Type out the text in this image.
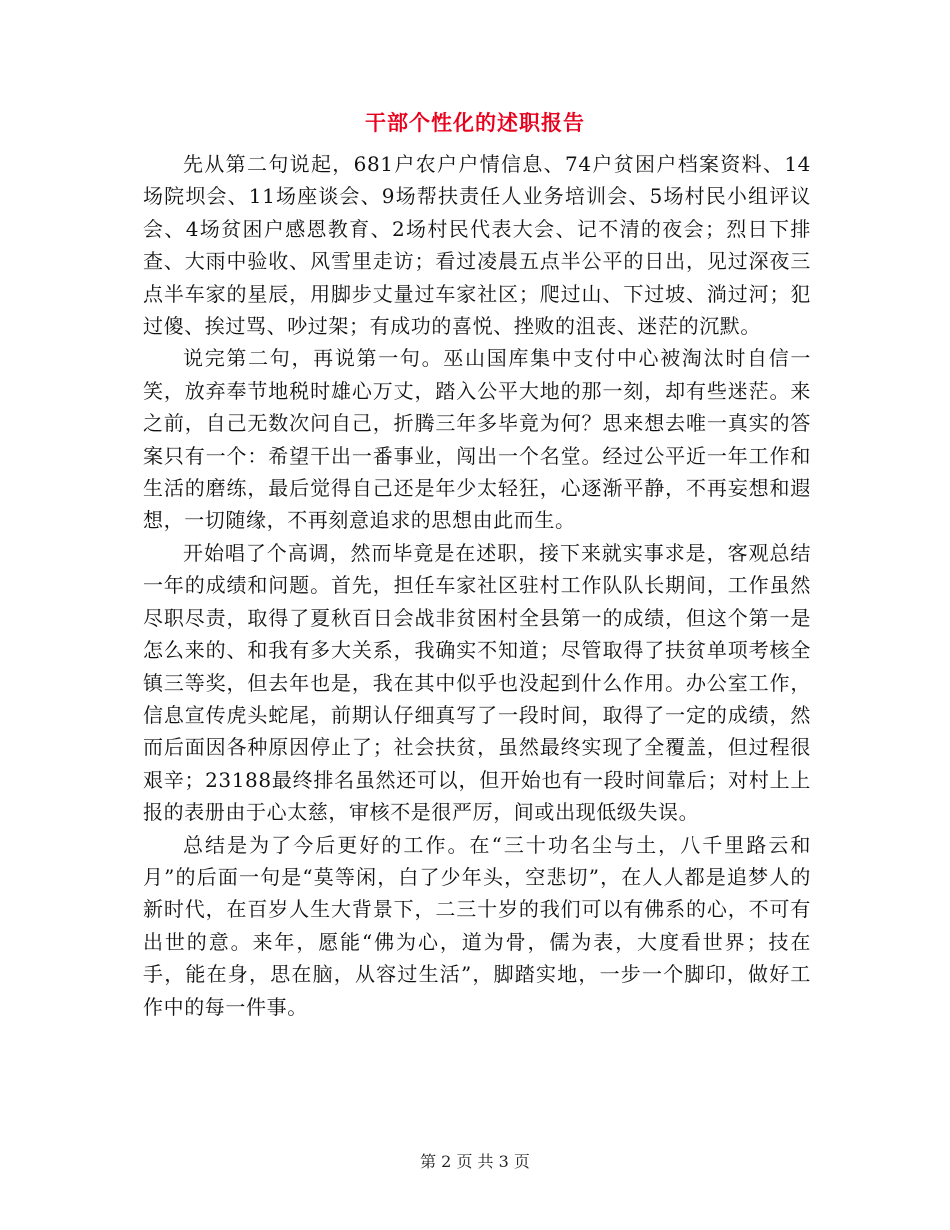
干部个性化的述职报告

先从第二句说起，681户农户户情信息、74户贫困户档案资料、14场院坝会、11场座谈会、9场帮扶责任人业务培训会、5场村民小组评议会、4场贫困户感恩教育、2场村民代表大会、记不清的夜会；烈日下排查、大雨中验收、风雪里走访；看过凌晨五点半公平的日出，见过深夜三点半车家的星辰，用脚步丈量过车家社区；爬过山、下过坡、淌过河；犯过傻、挨过骂、吵过架；有成功的喜悦、挫败的沮丧、迷茫的沉默。

说完第二句，再说第一句。巫山国库集中支付中心被淘汰时自信一笑，放弃奉节地税时雄心万丈，踏入公平大地的那一刻，却有些迷茫。来之前，自己无数次问自己，折腾三年多毕竟为何？思来想去唯一真实的答案只有一个：希望干出一番事业，闯出一个名堂。经过公平近一年工作和生活的磨练，最后觉得自己还是年少太轻狂，心逐渐平静，不再妄想和遐想，一切随缘，不再刻意追求的思想由此而生。

开始唱了个高调，然而毕竟是在述职，接下来就实事求是，客观总结一年的成绩和问题。首先，担任车家社区驻村工作队队长期间，工作虽然尽职尽责，取得了夏秋百日会战非贫困村全县第一的成绩，但这个第一是怎么来的、和我有多大关系，我确实不知道；尽管取得了扶贫单项考核全镇三等奖，但去年也是，我在其中似乎也没起到什么作用。办公室工作，信息宣传虎头蛇尾，前期认仔细真写了一段时间，取得了一定的成绩，然而后面因各种原因停止了；社会扶贫，虽然最终实现了全覆盖，但过程很艰辛；23188最终排名虽然还可以，但开始也有一段时间靠后；对村上上报的表册由于心太慈，审核不是很严厉，间或出现低级失误。

总结是为了今后更好的工作。在“三十功名尘与土，八千里路云和月”的后面一句是“莫等闲，白了少年头，空悲切”，在人人都是追梦人的新时代，在百岁人生大背景下，二三十岁的我们可以有佛系的心，不可有出世的意。来年，愿能“佛为心，道为骨，儒为表，大度看世界；技在手，能在身，思在脑，从容过生活”，脚踏实地，一步一个脚印，做好工作中的每一件事。

第 2 页 共 3 页
